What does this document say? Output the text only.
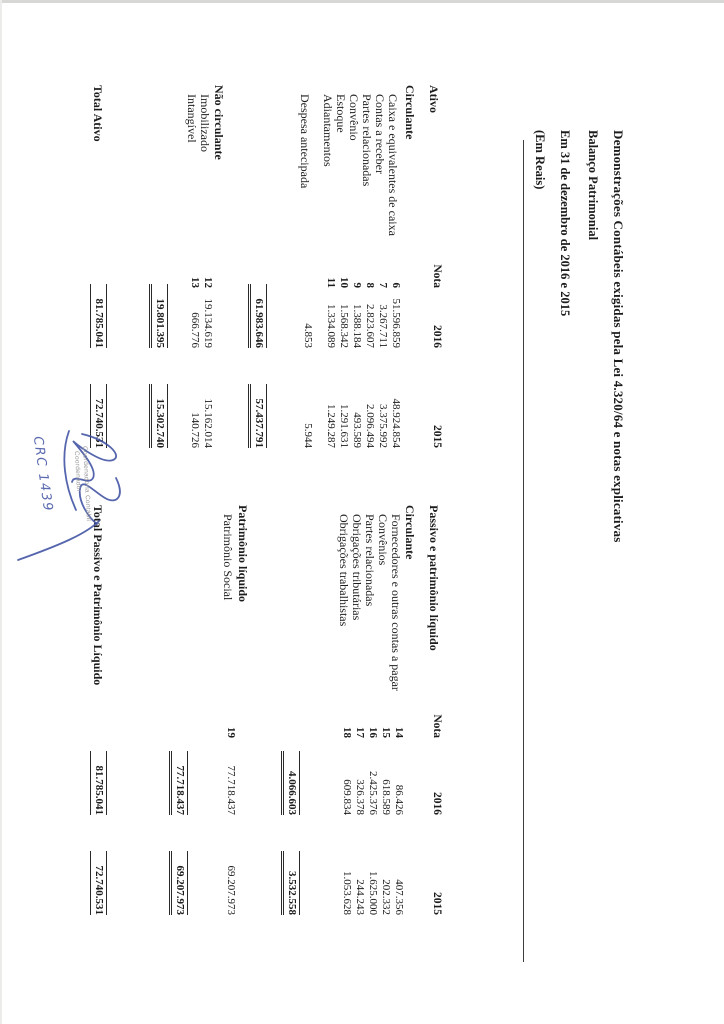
Demonstrações Contábeis exigidas pela Lei 4.320/64 e notas explicativas
Balanço Patrimonial
Em 31 de dezembro de 2016 e 2015
(Em Reais)
Ativo
Nota
2016
2015
Circulante
Caixa e equivalentes de caixa
6
51.596.859
48.924.854
Contas a receber
7
3.267.711
3.375.992
Partes relacionadas
8
2.823.607
2.096.494
Convênio
9
1.388.184
493.589
Estoque
10
1.568.342
1.291.631
Adiantamentos
11
1.334.089
1.249.287
Despesa antecipada
4.853
5.944
61.983.646
57.437.791
Não circulante
Imobilizado
12
19.134.619
15.162.014
Intangível
13
666.776
140.726
19.801.395
15.302.740
Total Ativo
81.785.041
72.740.531
Passivo e patrimônio líquido
Nota
2016
2015
Circulante
Fornecedores e outras contas a pagar
14
86.426
407.356
Convênios
15
618.589
202.332
Partes relacionadas
16
2.425.376
1.625.000
Obrigações tributárias
17
326.378
244.243
Obrigações trabalhistas
18
609.834
1.053.628
4.066.603
3.532.558
Patrimônio líquido
Patrimônio Social
19
77.718.437
69.207.973
77.718.437
69.207.973
Total Passivo e Patrimônio Líquido
81.785.041
72.740.531
Coordenadoria Contábil
Coordenador
CRC 1439
